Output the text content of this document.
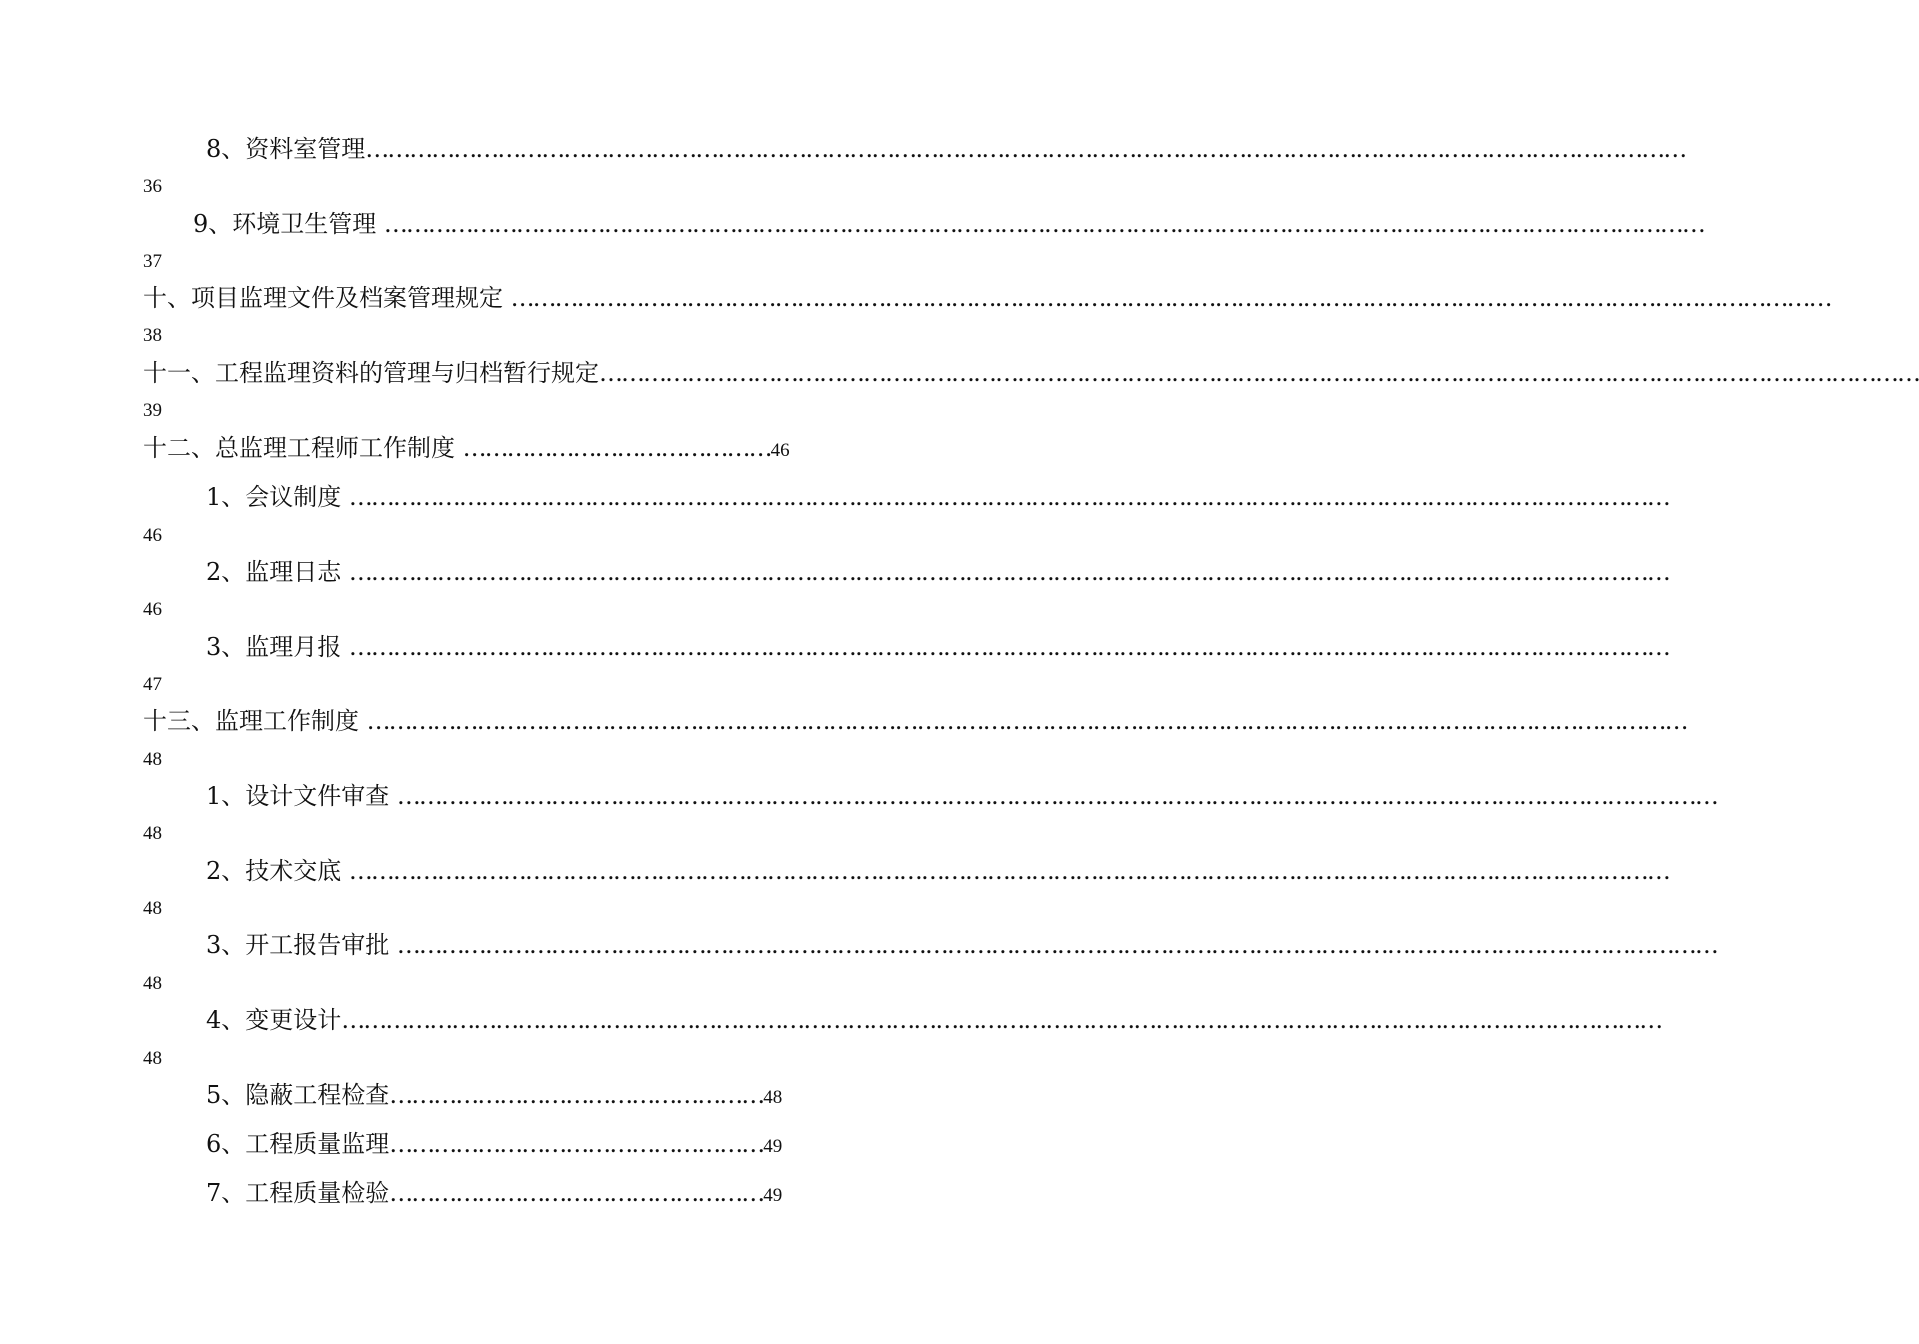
8、资料室管理………………………………………………………………………………………………………………………………………………………………
36
9、环境卫生管理 ………………………………………………………………………………………………………………………………………………………………
37
十、项目监理文件及档案管理规定 ………………………………………………………………………………………………………………………………………………………………
38
十一、工程监理资料的管理与归档暂行规定………………………………………………………………………………………………………………………………………………………………
39
十二、总监理工程师工作制度 ……………………………………46
1、会议制度 ………………………………………………………………………………………………………………………………………………………………
46
2、监理日志 ………………………………………………………………………………………………………………………………………………………………
46
3、监理月报 ………………………………………………………………………………………………………………………………………………………………
47
十三、监理工作制度 ………………………………………………………………………………………………………………………………………………………………
48
1、设计文件审查 ………………………………………………………………………………………………………………………………………………………………
48
2、技术交底 ………………………………………………………………………………………………………………………………………………………………
48
3、开工报告审批 ………………………………………………………………………………………………………………………………………………………………
48
4、变更设计………………………………………………………………………………………………………………………………………………………………
48
5、隐蔽工程检查……………………………………………48
6、工程质量监理……………………………………………49
7、工程质量检验……………………………………………49
